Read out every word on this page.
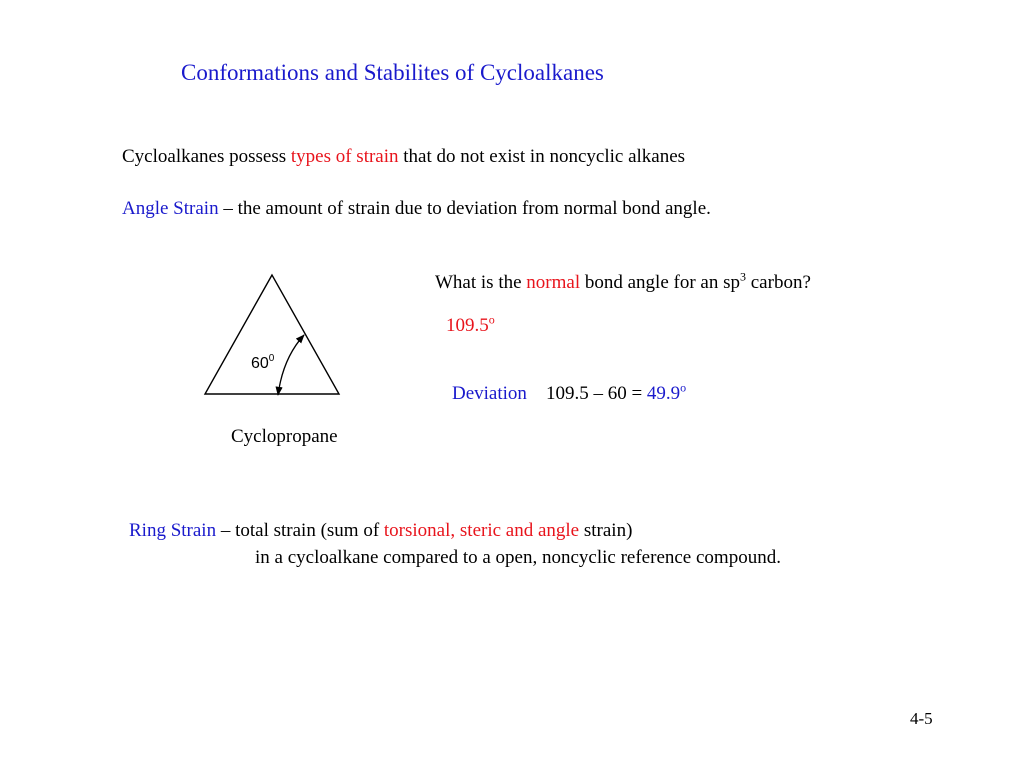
Conformations and Stabilites of Cycloalkanes
Cycloalkanes possess types of strain that do not exist in noncyclic alkanes
Angle Strain – the amount of strain due to deviation from normal bond angle.
What is the normal bond angle for an $sp^3$ carbon?
109.5$^o$
Deviation $109.5 - 60 = 49.9^o$
$60^0$
Cyclopropane
Ring Strain – total strain (sum of torsional, steric and angle strain)
in a cycloalkane compared to a open, noncyclic reference compound.
4-5
